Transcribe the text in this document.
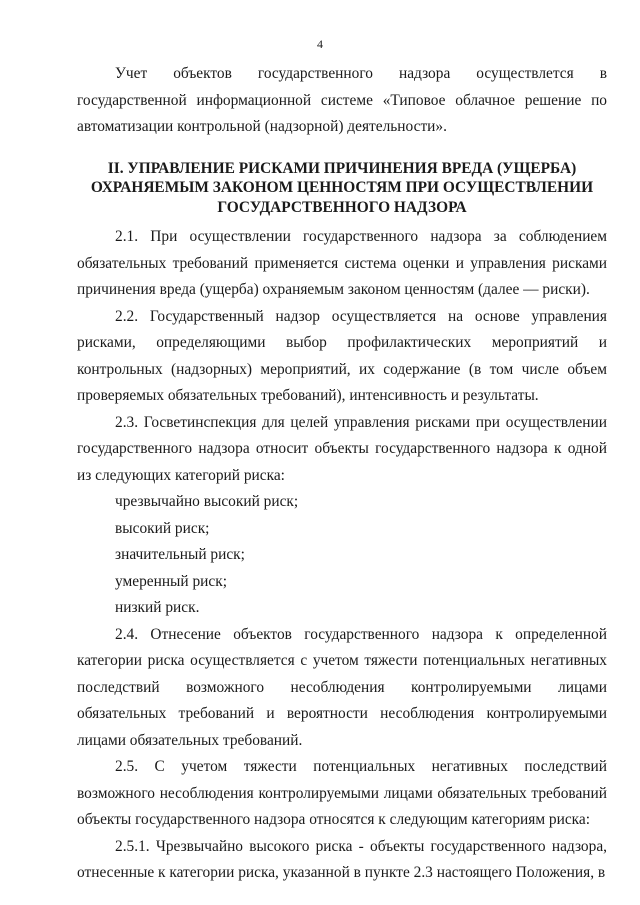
4

Учет объектов государственного надзора осуществлется в государственной информационной системе «Типовое облачное решение по автоматизации контрольной (надзорной) деятельности».

II. УПРАВЛЕНИЕ РИСКАМИ ПРИЧИНЕНИЯ ВРЕДА (УЩЕРБА)
ОХРАНЯЕМЫМ ЗАКОНОМ ЦЕННОСТЯМ ПРИ ОСУЩЕСТВЛЕНИИ
ГОСУДАРСТВЕННОГО НАДЗОРА

2.1. При осуществлении государственного надзора за соблюдением обязательных требований применяется система оценки и управления рисками причинения вреда (ущерба) охраняемым законом ценностям (далее — риски).

2.2. Государственный надзор осуществляется на основе управления рисками, определяющими выбор профилактических мероприятий и контрольных (надзорных) мероприятий, их содержание (в том числе объем проверяемых обязательных требований), интенсивность и результаты.

2.3. Госветинспекция для целей управления рисками при осуществлении государственного надзора относит объекты государственного надзора к одной из следующих категорий риска:

чрезвычайно высокий риск;

высокий риск;

значительный риск;

умеренный риск;

низкий риск.

2.4. Отнесение объектов государственного надзора к определенной категории риска осуществляется с учетом тяжести потенциальных негативных последствий возможного несоблюдения контролируемыми лицами обязательных требований и вероятности несоблюдения контролируемыми лицами обязательных требований.

2.5. С учетом тяжести потенциальных негативных последствий возможного несоблюдения контролируемыми лицами обязательных требований объекты государственного надзора относятся к следующим категориям риска:

2.5.1. Чрезвычайно высокого риска - объекты государственного надзора, отнесенные к категории риска, указанной в пункте 2.3 настоящего Положения, в
